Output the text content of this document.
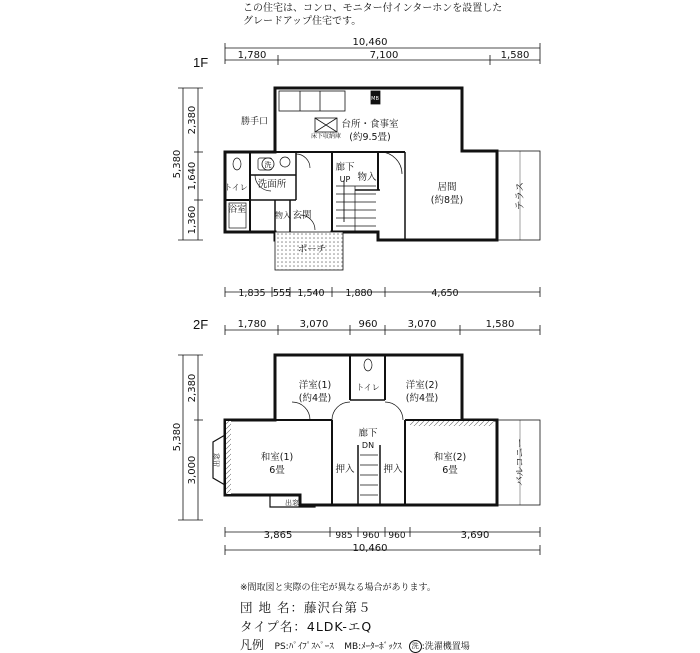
この住宅は、コンロ、モニター付インターホンを設置した
グレードアップ住宅です。
1F
2F
10,460
1,780	7,100	1,580
5,380
2,380
1,640
1,360
1,835 555 1,540 1,880	4,650
台所・食事室
(約9.5畳)
床下収納庫
勝手口
廊下
UP 物入
居間
(約8畳)	テラス
洗面所
トイレ
浴室
物入 玄関
ポーチ
MB
洗
1,780	3,070	960	3,070	1,580
5,380
2,380
3,000
3,865	985 960 960	3,690
10,460
洋室(1)
(約4畳)
洋室(2)
(約4畳)
トイレ
廊下
DN
和室(1)
6畳
和室(2)
6畳
押入	押入
出窓
出窓
バルコニー
※間取図と実際の住宅が異なる場合があります。
団 地 名：藤沢台第５
タイプ名：4LDK-エQ
凡例 PS:ﾊﾟｲﾌﾟｽﾍﾟｰｽ MB:ﾒｰﾀｰﾎﾞｯｸｽ 洗 :洗濯機置場
